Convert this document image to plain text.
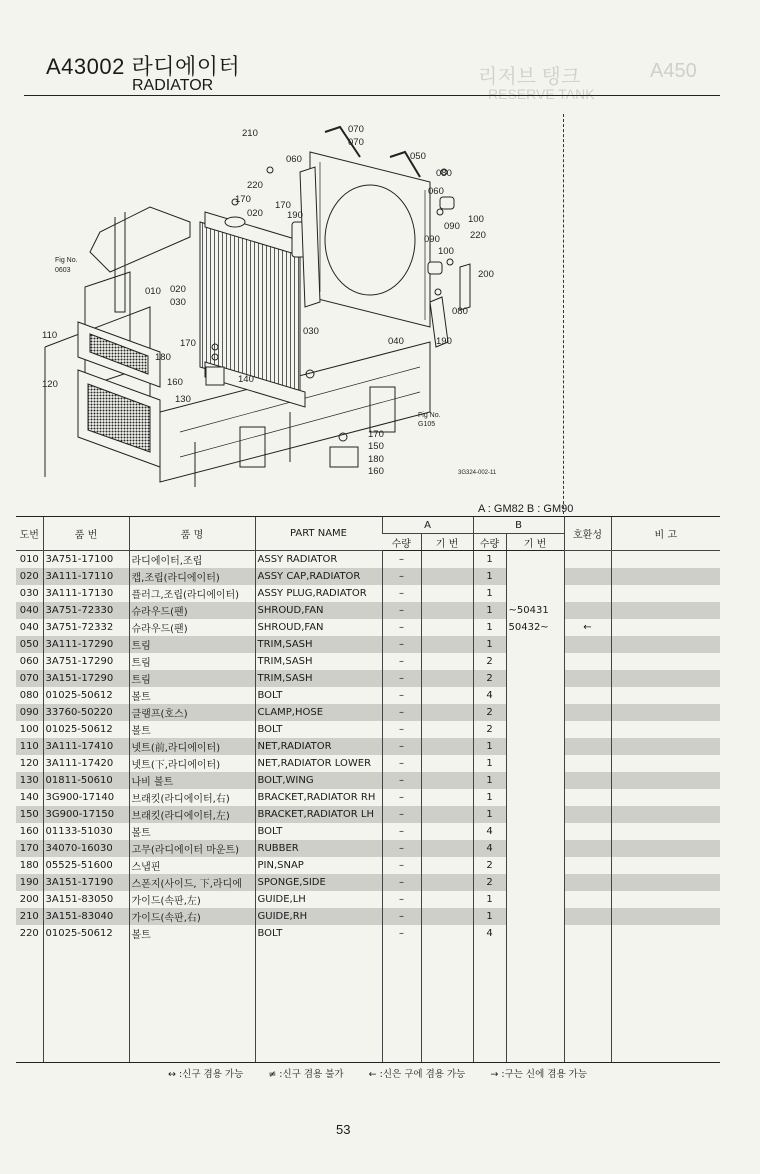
A450
리저브 탱크
RESERVE TANK
A43002 라디에이터
RADIATOR
210	070
070
060	050
080
220
060
170
020
170
190	100
090
220
090
100
200
080
040	190
030
010 020
030
110
170
180
120	160	140
130
170
150
180
160
Fig No.
0603
Fig No.
G105
3G324-002-11
A : GM82 B : GM90
도번	품 번	품 명	PART NAME	A		B		호환성	비 고
				수량	기 번	수량	기 번		
010	3A751-17100	라디에이터,조립	ASSY RADIATOR	–		1			
020	3A111-17110	캡,조립(라디에이터)	ASSY CAP,RADIATOR	–		1			
030	3A111-17130	플러그,조립(라디에이터)	ASSY PLUG,RADIATOR	–		1			
040	3A751-72330	슈라우드(팬)	SHROUD,FAN	–		1	~50431		
040	3A751-72332	슈라우드(팬)	SHROUD,FAN	–		1	50432~	←	
050	3A111-17290	트림	TRIM,SASH	–		1			
060	3A751-17290	트림	TRIM,SASH	–		2			
070	3A151-17290	트림	TRIM,SASH	–		2			
080	01025-50612	볼트	BOLT	–		4			
090	33760-50220	클램프(호스)	CLAMP,HOSE	–		2			
100	01025-50612	볼트	BOLT	–		2			
110	3A111-17410	넷트(前,라디에이터)	NET,RADIATOR	–		1			
120	3A111-17420	넷트(下,라디에이터)	NET,RADIATOR LOWER	–		1			
130	01811-50610	나비 볼트	BOLT,WING	–		1			
140	3G900-17140	브래킷(라디에이터,右)	BRACKET,RADIATOR RH	–		1			
150	3G900-17150	브래킷(라디에이터,左)	BRACKET,RADIATOR LH	–		1			
160	01133-51030	볼트	BOLT	–		4			
170	34070-16030	고무(라디에이터 마운트)	RUBBER	–		4			
180	05525-51600	스냅핀	PIN,SNAP	–		2			
190	3A151-17190	스폰지(사이드, 下,라디에	SPONGE,SIDE	–		2			
200	3A151-83050	가이드(속판,左)	GUIDE,LH	–		1			
210	3A151-83040	가이드(속판,右)	GUIDE,RH	–		1			
220	01025-50612	볼트	BOLT	–		4			

↔ :신구 겸용 가능	≠ :신구 겸용 불가	← :신은 구에 겸용 가능	→ :구는 신에 겸용 가능
53
